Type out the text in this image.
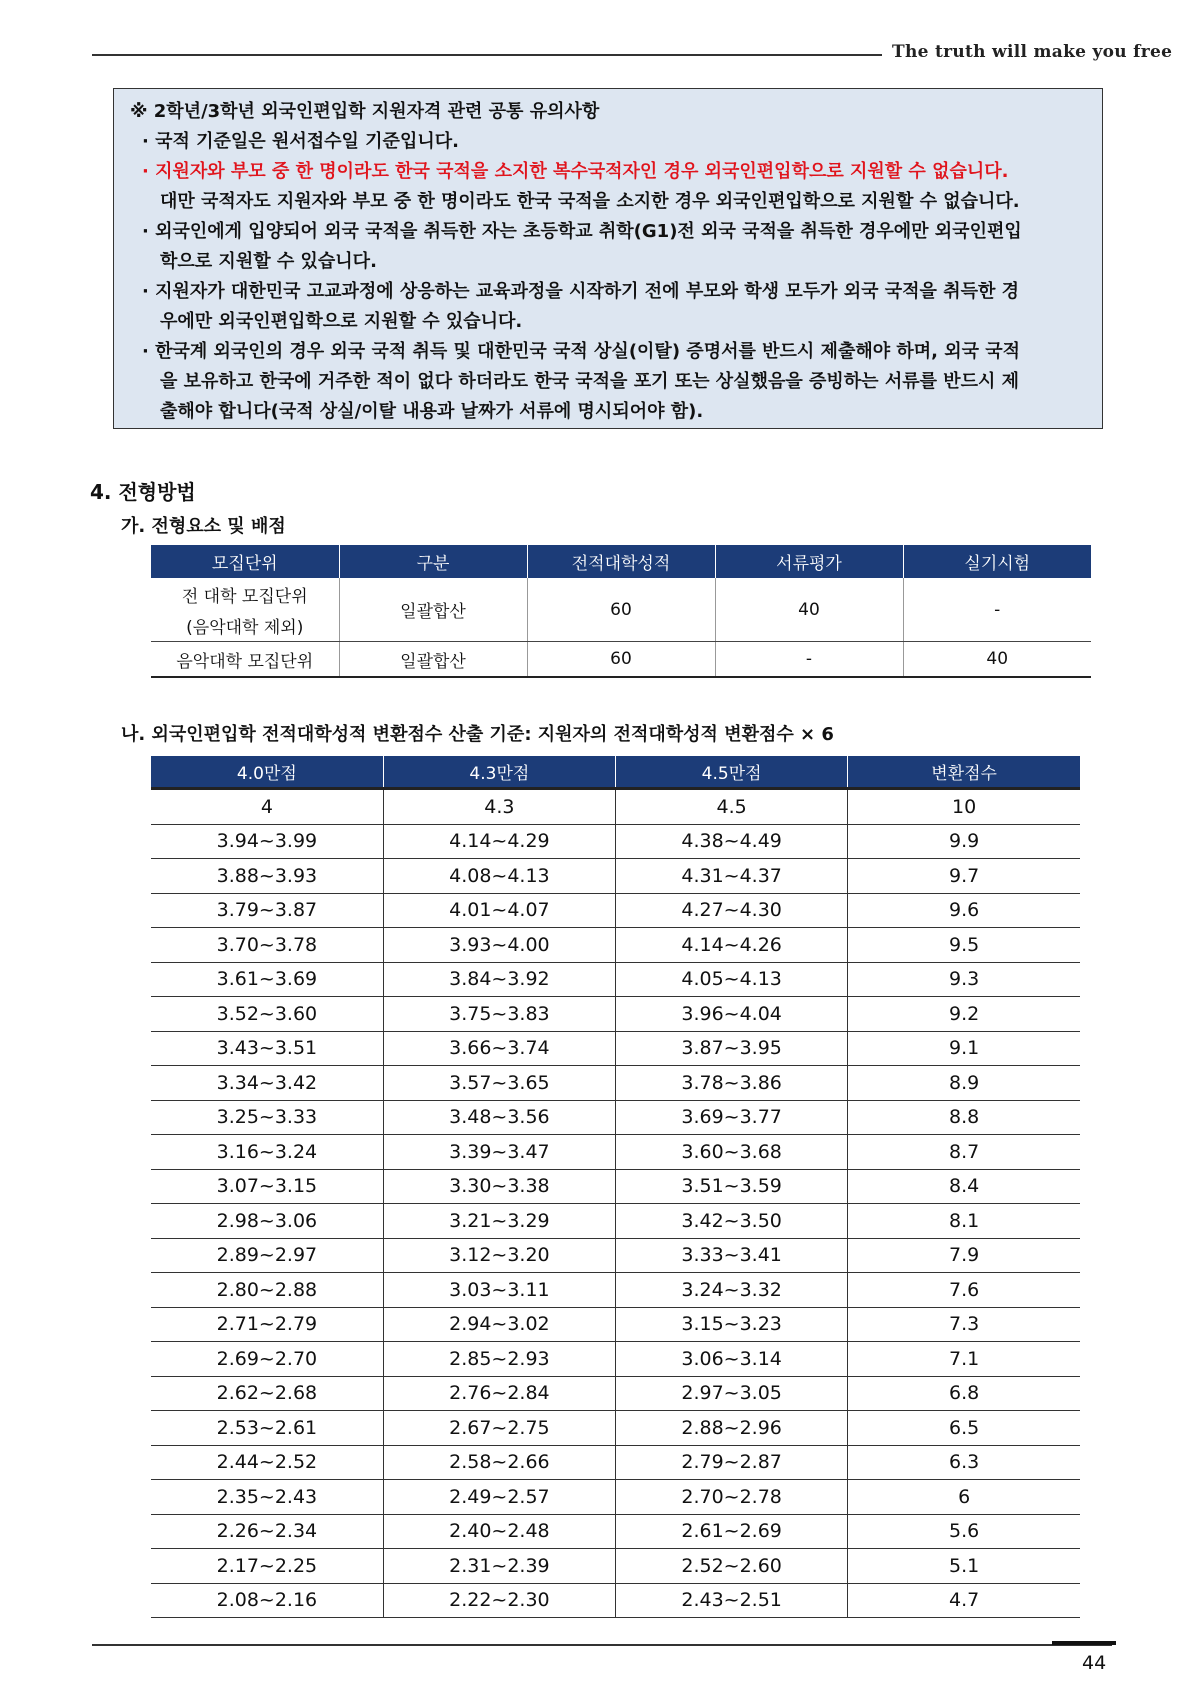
The truth will make you free
※ 2학년/3학년 외국인편입학 지원자격 관련 공통 유의사항
· 국적 기준일은 원서접수일 기준입니다.
· 지원자와 부모 중 한 명이라도 한국 국적을 소지한 복수국적자인 경우 외국인편입학으로 지원할 수 없습니다.
대만 국적자도 지원자와 부모 중 한 명이라도 한국 국적을 소지한 경우 외국인편입학으로 지원할 수 없습니다.
· 외국인에게 입양되어 외국 국적을 취득한 자는 초등학교 취학(G1)전 외국 국적을 취득한 경우에만 외국인편입
학으로 지원할 수 있습니다.
· 지원자가 대한민국 고교과정에 상응하는 교육과정을 시작하기 전에 부모와 학생 모두가 외국 국적을 취득한 경
우에만 외국인편입학으로 지원할 수 있습니다.
· 한국계 외국인의 경우 외국 국적 취득 및 대한민국 국적 상실(이탈) 증명서를 반드시 제출해야 하며, 외국 국적
을 보유하고 한국에 거주한 적이 없다 하더라도 한국 국적을 포기 또는 상실했음을 증빙하는 서류를 반드시 제
출해야 합니다(국적 상실/이탈 내용과 날짜가 서류에 명시되어야 함).
4. 전형방법
가. 전형요소 및 배점
모집단위	구분	전적대학성적	서류평가	실기시험

전 대학 모집단위
(음악대학 제외)	일괄합산	60	40	-
음악대학 모집단위	일괄합산	60	-	40
나. 외국인편입학 전적대학성적 변환점수 산출 기준: 지원자의 전적대학성적 변환점수 × 6
4.0만점	4.3만점	4.5만점	변환점수
4	4.3	4.5	10
3.94~3.99	4.14~4.29	4.38~4.49	9.9
3.88~3.93	4.08~4.13	4.31~4.37	9.7
3.79~3.87	4.01~4.07	4.27~4.30	9.6
3.70~3.78	3.93~4.00	4.14~4.26	9.5
3.61~3.69	3.84~3.92	4.05~4.13	9.3
3.52~3.60	3.75~3.83	3.96~4.04	9.2
3.43~3.51	3.66~3.74	3.87~3.95	9.1
3.34~3.42	3.57~3.65	3.78~3.86	8.9
3.25~3.33	3.48~3.56	3.69~3.77	8.8
3.16~3.24	3.39~3.47	3.60~3.68	8.7
3.07~3.15	3.30~3.38	3.51~3.59	8.4
2.98~3.06	3.21~3.29	3.42~3.50	8.1
2.89~2.97	3.12~3.20	3.33~3.41	7.9
2.80~2.88	3.03~3.11	3.24~3.32	7.6
2.71~2.79	2.94~3.02	3.15~3.23	7.3
2.69~2.70	2.85~2.93	3.06~3.14	7.1
2.62~2.68	2.76~2.84	2.97~3.05	6.8
2.53~2.61	2.67~2.75	2.88~2.96	6.5
2.44~2.52	2.58~2.66	2.79~2.87	6.3
2.35~2.43	2.49~2.57	2.70~2.78	6
2.26~2.34	2.40~2.48	2.61~2.69	5.6
2.17~2.25	2.31~2.39	2.52~2.60	5.1
2.08~2.16	2.22~2.30	2.43~2.51	4.7
44
